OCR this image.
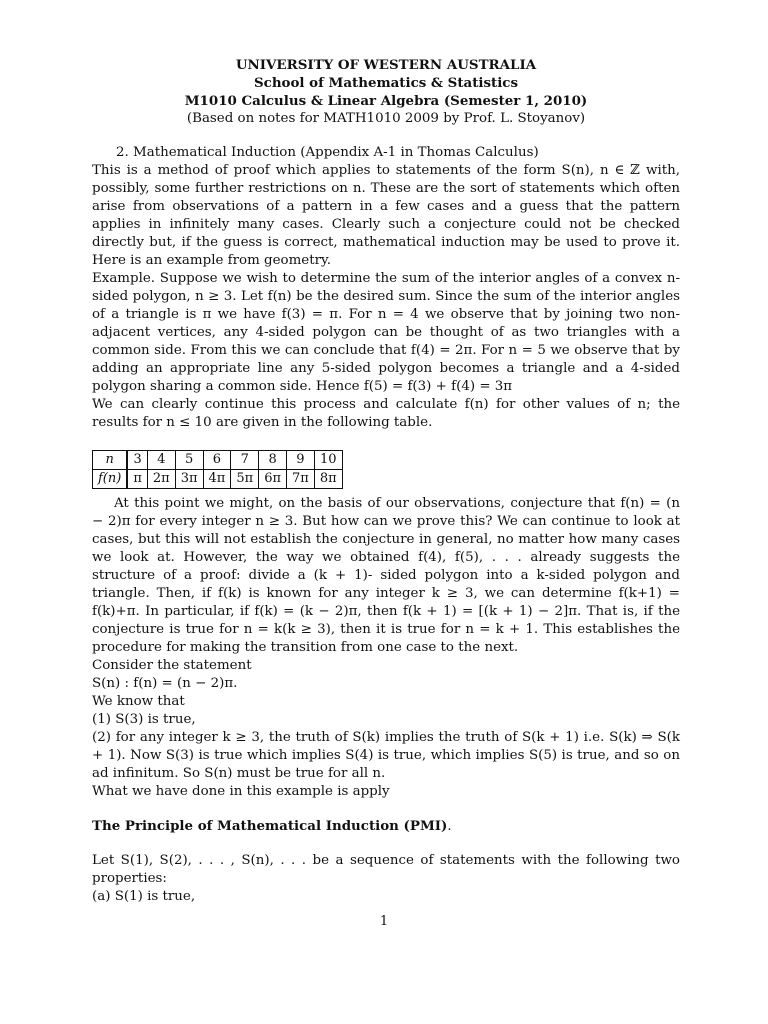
UNIVERSITY OF WESTERN AUSTRALIA
School of Mathematics & Statistics
M1010 Calculus & Linear Algebra (Semester 1, 2010)
(Based on notes for MATH1010 2009 by Prof. L. Stoyanov)

2. Mathematical Induction (Appendix A-1 in Thomas Calculus)

This is a method of proof which applies to statements of the form S(n), n ∈ ℤ with, possibly, some further restrictions on n. These are the sort of statements which often arise from observations of a pattern in a few cases and a guess that the pattern applies in infinitely many cases. Clearly such a conjecture could not be checked directly but, if the guess is correct, mathematical induction may be used to prove it. Here is an example from geometry.

Example. Suppose we wish to determine the sum of the interior angles of a convex n-sided polygon, n ≥ 3. Let f(n) be the desired sum. Since the sum of the interior angles of a triangle is π we have f(3) = π. For n = 4 we observe that by joining two non-adjacent vertices, any 4-sided polygon can be thought of as two triangles with a common side. From this we can conclude that f(4) = 2π. For n = 5 we observe that by adding an appropriate line any 5-sided polygon becomes a triangle and a 4-sided polygon sharing a common side. Hence f(5) = f(3) + f(4) = 3π

We can clearly continue this process and calculate f(n) for other values of n; the results for n ≤ 10 are given in the following table.

n	3	4	5	6	7	8	9	10
f(n)	π	2π	3π	4π	5π	6π	7π	8π

At this point we might, on the basis of our observations, conjecture that f(n) = (n − 2)π for every integer n ≥ 3. But how can we prove this? We can continue to look at cases, but this will not establish the conjecture in general, no matter how many cases we look at. However, the way we obtained f(4), f(5), . . . already suggests the structure of a proof: divide a (k + 1)- sided polygon into a k-sided polygon and triangle. Then, if f(k) is known for any integer k ≥ 3, we can determine f(k+1) = f(k)+π. In particular, if f(k) = (k − 2)π, then f(k + 1) = [(k + 1) − 2]π. That is, if the conjecture is true for n = k(k ≥ 3), then it is true for n = k + 1. This establishes the procedure for making the transition from one case to the next.

Consider the statement

S(n) : f(n) = (n − 2)π.

We know that

(1) S(3) is true,

(2) for any integer k ≥ 3, the truth of S(k) implies the truth of S(k + 1) i.e. S(k) ⇒ S(k + 1). Now S(3) is true which implies S(4) is true, which implies S(5) is true, and so on ad infinitum. So S(n) must be true for all n.

What we have done in this example is apply

The Principle of Mathematical Induction (PMI).

Let S(1), S(2), . . . , S(n), . . . be a sequence of statements with the following two properties:

(a) S(1) is true,

1
